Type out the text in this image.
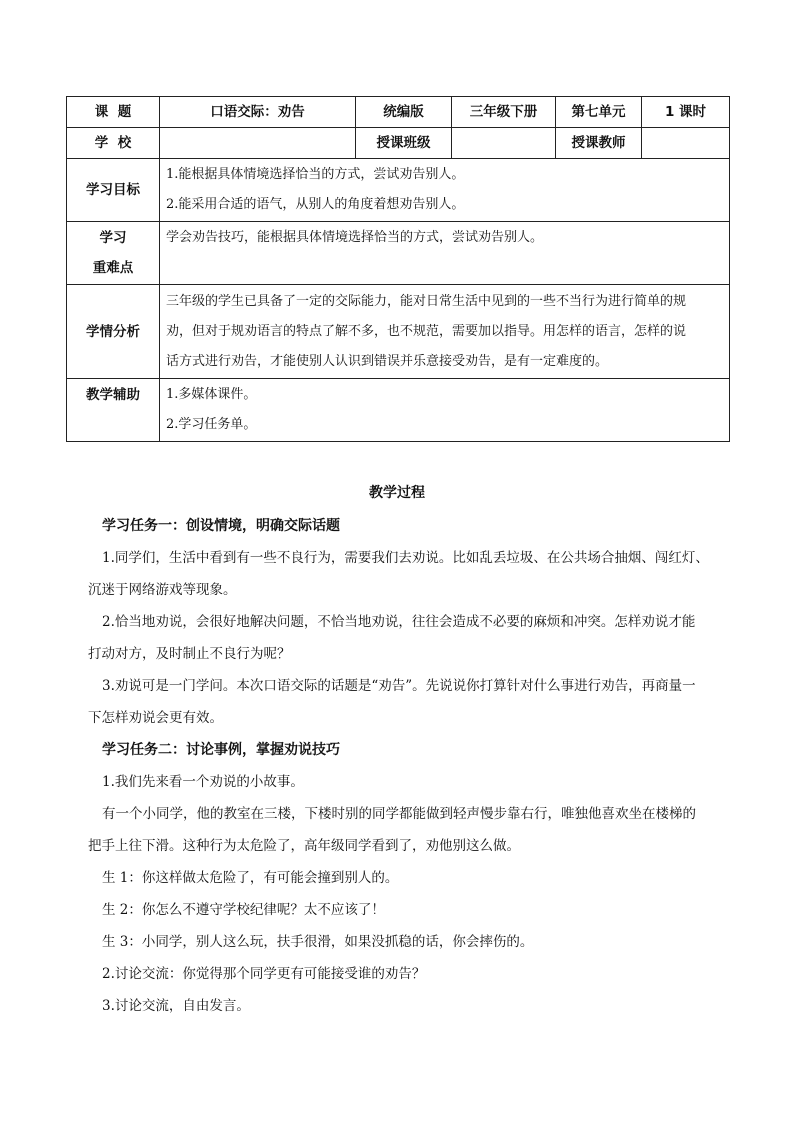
课  题	口语交际：劝告	统编版	三年级下册	第七单元	1 课时
学  校		授课班级		授课教师	
学习目标	1.能根据具体情境选择恰当的方式，尝试劝告别人。
2.能采用合适的语气，从别人的角度着想劝告别人。				

学习
重难点	学会劝告技巧，能根据具体情境选择恰当的方式，尝试劝告别人。				
学情分析	三年级的学生已具备了一定的交际能力，能对日常生活中见到的一些不当行为进行简单的规
劝，但对于规劝语言的特点了解不多，也不规范，需要加以指导。用怎样的语言，怎样的说
话方式进行劝告，才能使别人认识到错误并乐意接受劝告，是有一定难度的。				

教学辅助	1.多媒体课件。
2.学习任务单。				
教学过程
学习任务一：创设情境，明确交际话题
1.同学们，生活中看到有一些不良行为，需要我们去劝说。比如乱丢垃圾、在公共场合抽烟、闯红灯、
沉迷于网络游戏等现象。
2.恰当地劝说，会很好地解决问题，不恰当地劝说，往往会造成不必要的麻烦和冲突。怎样劝说才能
打动对方，及时制止不良行为呢？
3.劝说可是一门学问。本次口语交际的话题是“劝告”。先说说你打算针对什么事进行劝告，再商量一
下怎样劝说会更有效。
学习任务二：讨论事例，掌握劝说技巧
1.我们先来看一个劝说的小故事。
有一个小同学，他的教室在三楼，下楼时别的同学都能做到轻声慢步靠右行，唯独他喜欢坐在楼梯的
把手上往下滑。这种行为太危险了，高年级同学看到了，劝他别这么做。
生 1：你这样做太危险了，有可能会撞到别人的。
生 2：你怎么不遵守学校纪律呢？太不应该了！
生 3：小同学，别人这么玩，扶手很滑，如果没抓稳的话，你会摔伤的。
2.讨论交流：你觉得那个同学更有可能接受谁的劝告？
3.讨论交流，自由发言。
